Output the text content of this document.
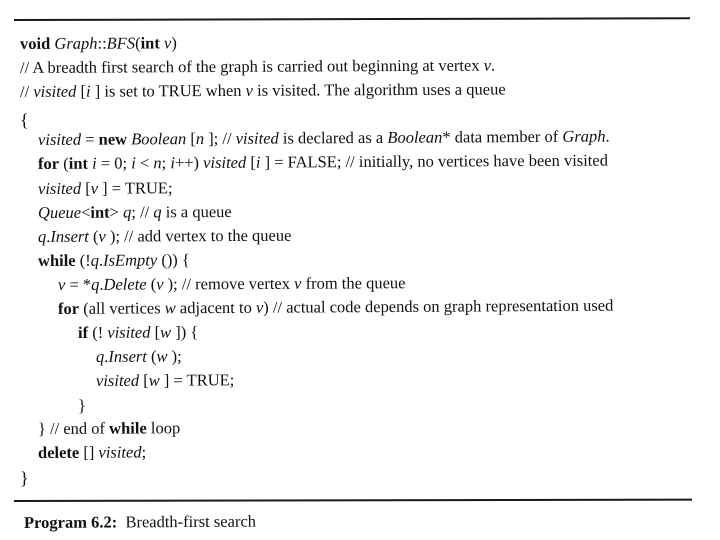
void Graph::BFS(int v)
// A breadth first search of the graph is carried out beginning at vertex v.
// visited [i ] is set to TRUE when v is visited. The algorithm uses a queue
{
visited = new Boolean [n ]; // visited is declared as a Boolean* data member of Graph.
for (int i = 0; i < n; i++) visited [i ] = FALSE; // initially, no vertices have been visited
visited [v ] = TRUE;
Queue<int> q; // q is a queue
q.Insert (v ); // add vertex to the queue
while (!q.IsEmpty ()) {
v = *q.Delete (v ); // remove vertex v from the queue
for (all vertices w adjacent to v) // actual code depends on graph representation used
if (! visited [w ]) {
q.Insert (w );
visited [w ] = TRUE;
}
} // end of while loop
delete [] visited;
}
Program 6.2: Breadth-first search
